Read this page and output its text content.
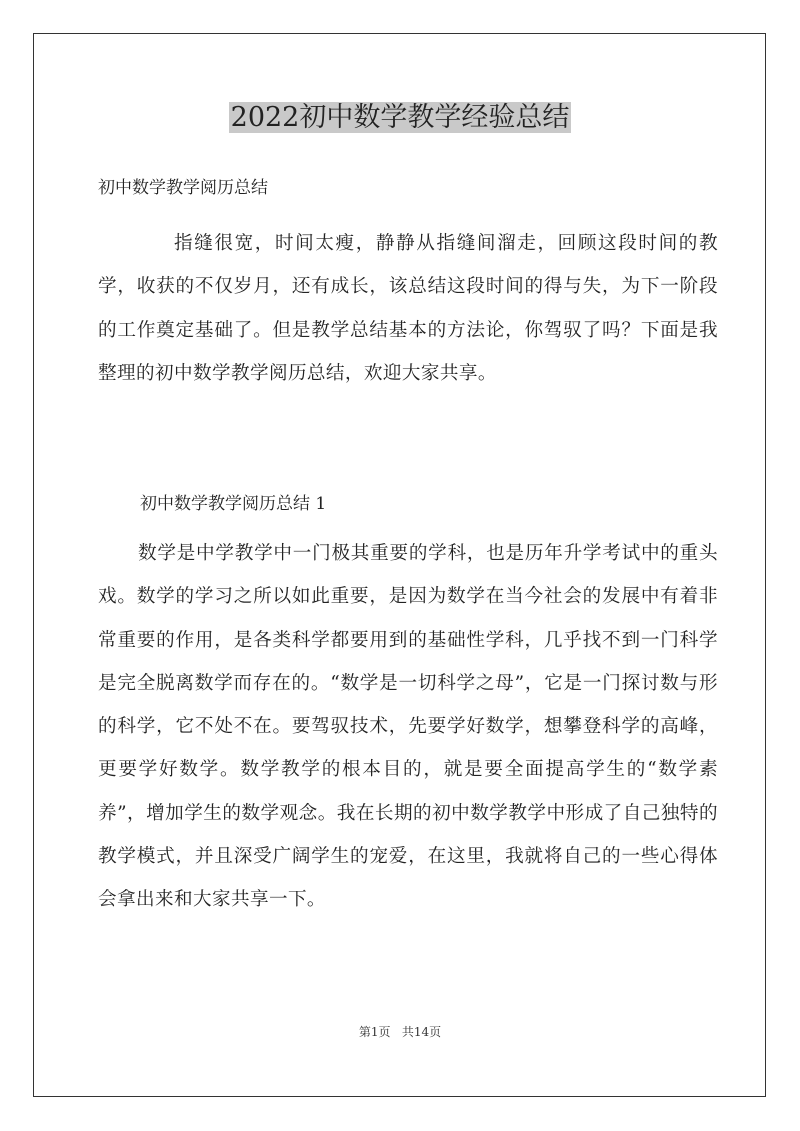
2022初中数学教学经验总结
初中数学教学阅历总结

指缝很宽，时间太瘦，静静从指缝间溜走，回顾这段时间的教学，收获的不仅岁月，还有成长，该总结这段时间的得与失，为下一阶段的工作奠定基础了。但是教学总结基本的方法论，你驾驭了吗？下面是我整理的初中数学教学阅历总结，欢迎大家共享。

初中数学教学阅历总结 1

数学是中学教学中一门极其重要的学科，也是历年升学考试中的重头戏。数学的学习之所以如此重要，是因为数学在当今社会的发展中有着非常重要的作用，是各类科学都要用到的基础性学科，几乎找不到一门科学是完全脱离数学而存在的。“数学是一切科学之母”，它是一门探讨数与形的科学，它不处不在。要驾驭技术，先要学好数学，想攀登科学的高峰，更要学好数学。数学教学的根本目的，就是要全面提高学生的“数学素养”，增加学生的数学观念。我在长期的初中数学教学中形成了自己独特的教学模式，并且深受广阔学生的宠爱，在这里，我就将自己的一些心得体会拿出来和大家共享一下。

第1页   共14页
